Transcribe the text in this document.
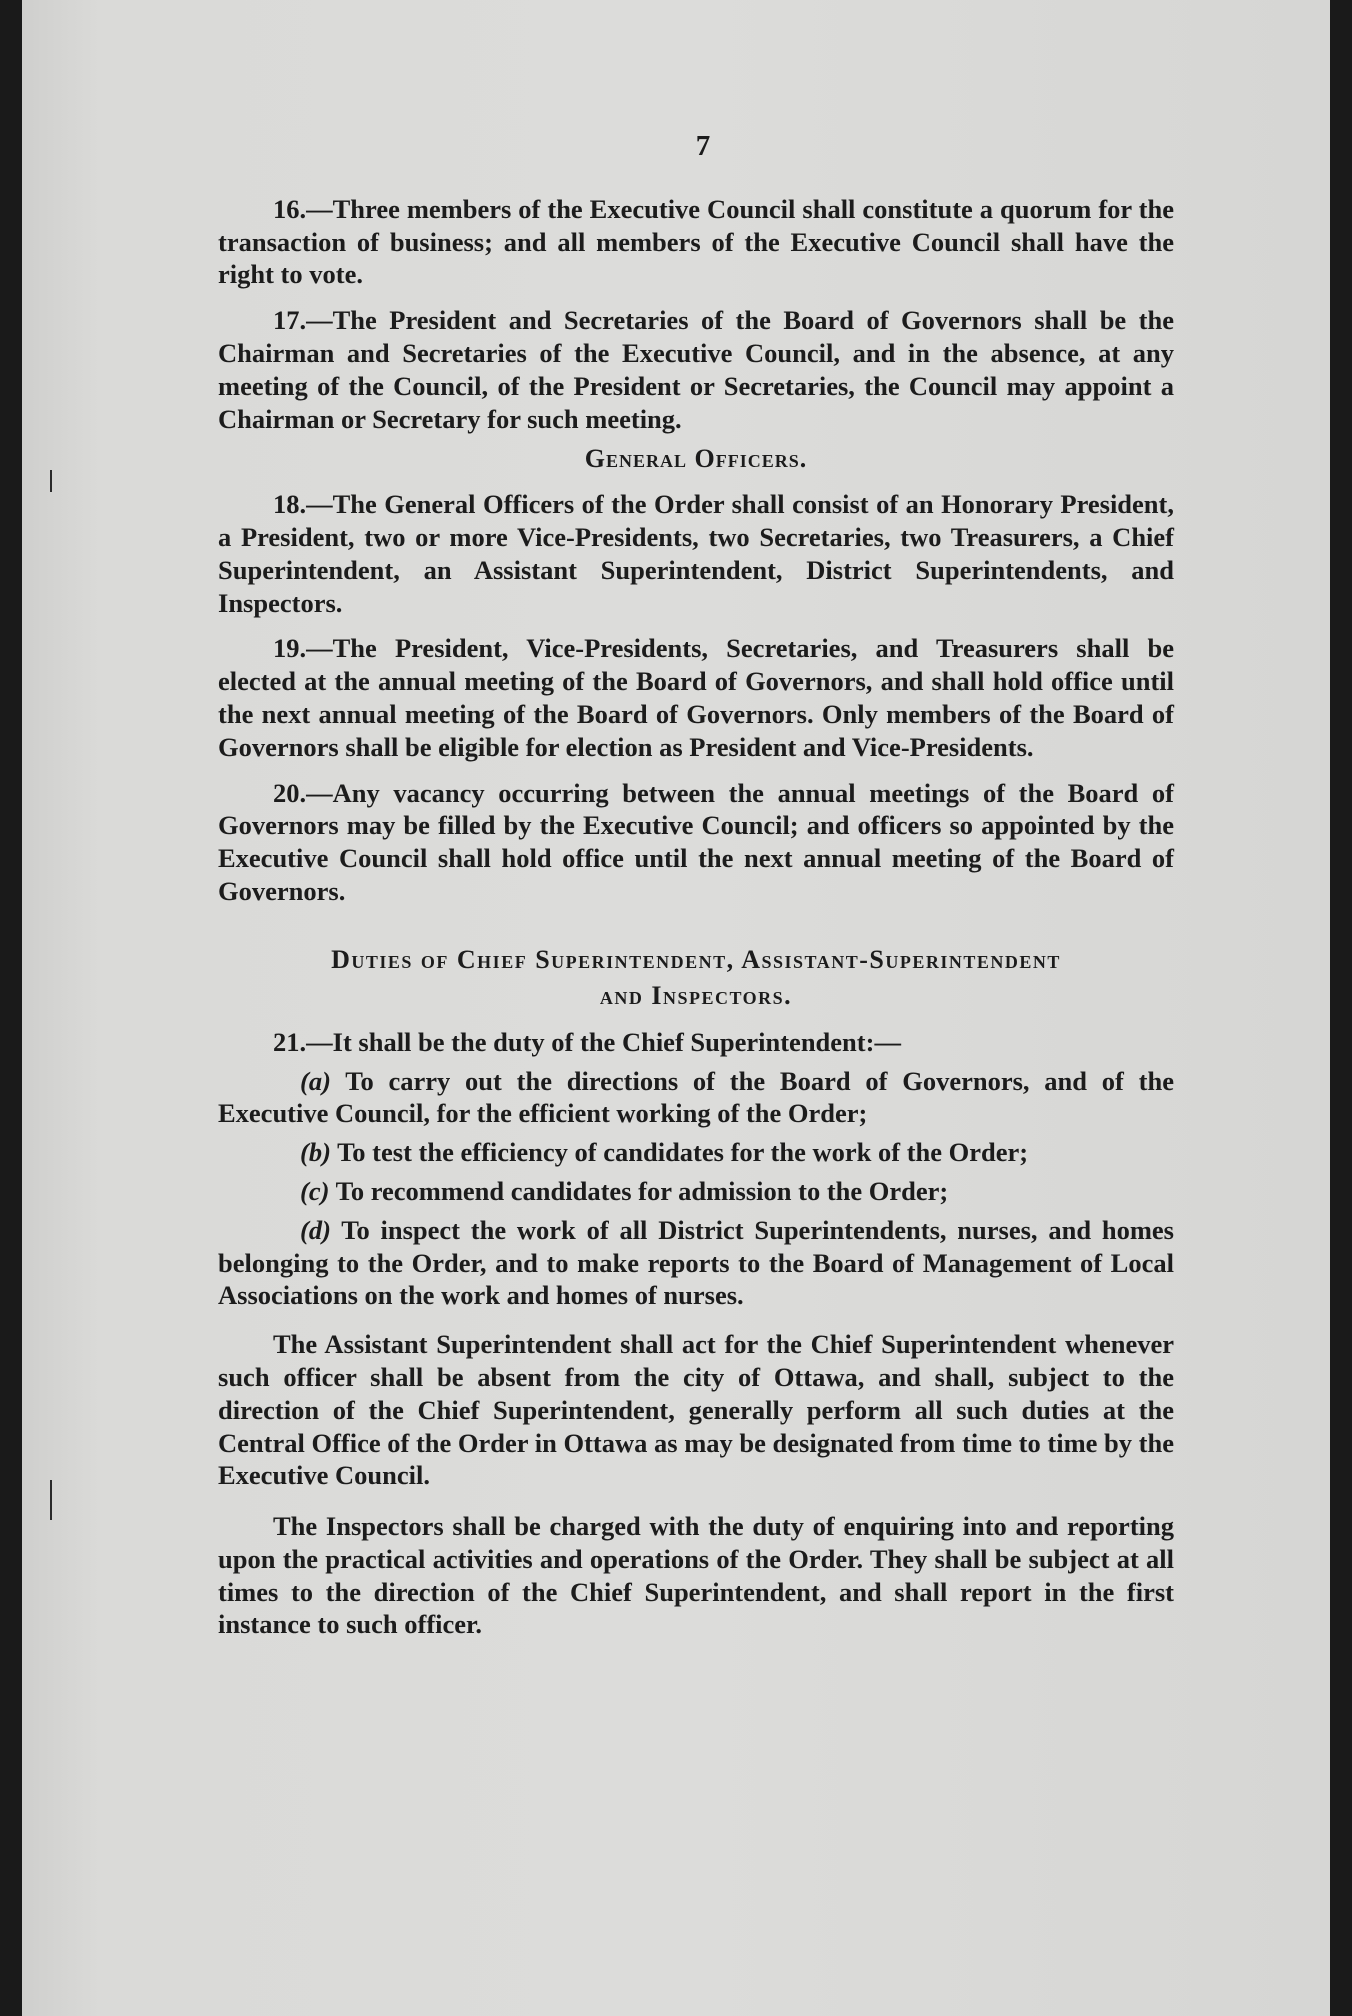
7

16.—Three members of the Executive Council shall constitute a quorum for the transaction of business; and all members of the Executive Council shall have the right to vote.

17.—The President and Secretaries of the Board of Governors shall be the Chairman and Secretaries of the Executive Council, and in the absence, at any meeting of the Council, of the President or Secretaries, the Council may appoint a Chairman or Secretary for such meeting.

General Officers.

18.—The General Officers of the Order shall consist of an Honorary President, a President, two or more Vice-Presidents, two Secretaries, two Treasurers, a Chief Superintendent, an Assistant Superintendent, District Superintendents, and Inspectors.

19.—The President, Vice-Presidents, Secretaries, and Treasurers shall be elected at the annual meeting of the Board of Governors, and shall hold office until the next annual meeting of the Board of Governors. Only members of the Board of Governors shall be eligible for election as President and Vice-Presidents.

20.—Any vacancy occurring between the annual meetings of the Board of Governors may be filled by the Executive Council; and officers so appointed by the Executive Council shall hold office until the next annual meeting of the Board of Governors.

Duties of Chief Superintendent, Assistant-Superintendent
and Inspectors.

21.—It shall be the duty of the Chief Superintendent:—

(a) To carry out the directions of the Board of Governors, and of the Executive Council, for the efficient working of the Order;

(b) To test the efficiency of candidates for the work of the Order;

(c) To recommend candidates for admission to the Order;

(d) To inspect the work of all District Superintendents, nurses, and homes belonging to the Order, and to make reports to the Board of Management of Local Associations on the work and homes of nurses.

The Assistant Superintendent shall act for the Chief Superintendent whenever such officer shall be absent from the city of Ottawa, and shall, subject to the direction of the Chief Superintendent, generally perform all such duties at the Central Office of the Order in Ottawa as may be designated from time to time by the Executive Council.

The Inspectors shall be charged with the duty of enquiring into and reporting upon the practical activities and operations of the Order. They shall be subject at all times to the direction of the Chief Superintendent, and shall report in the first instance to such officer.
